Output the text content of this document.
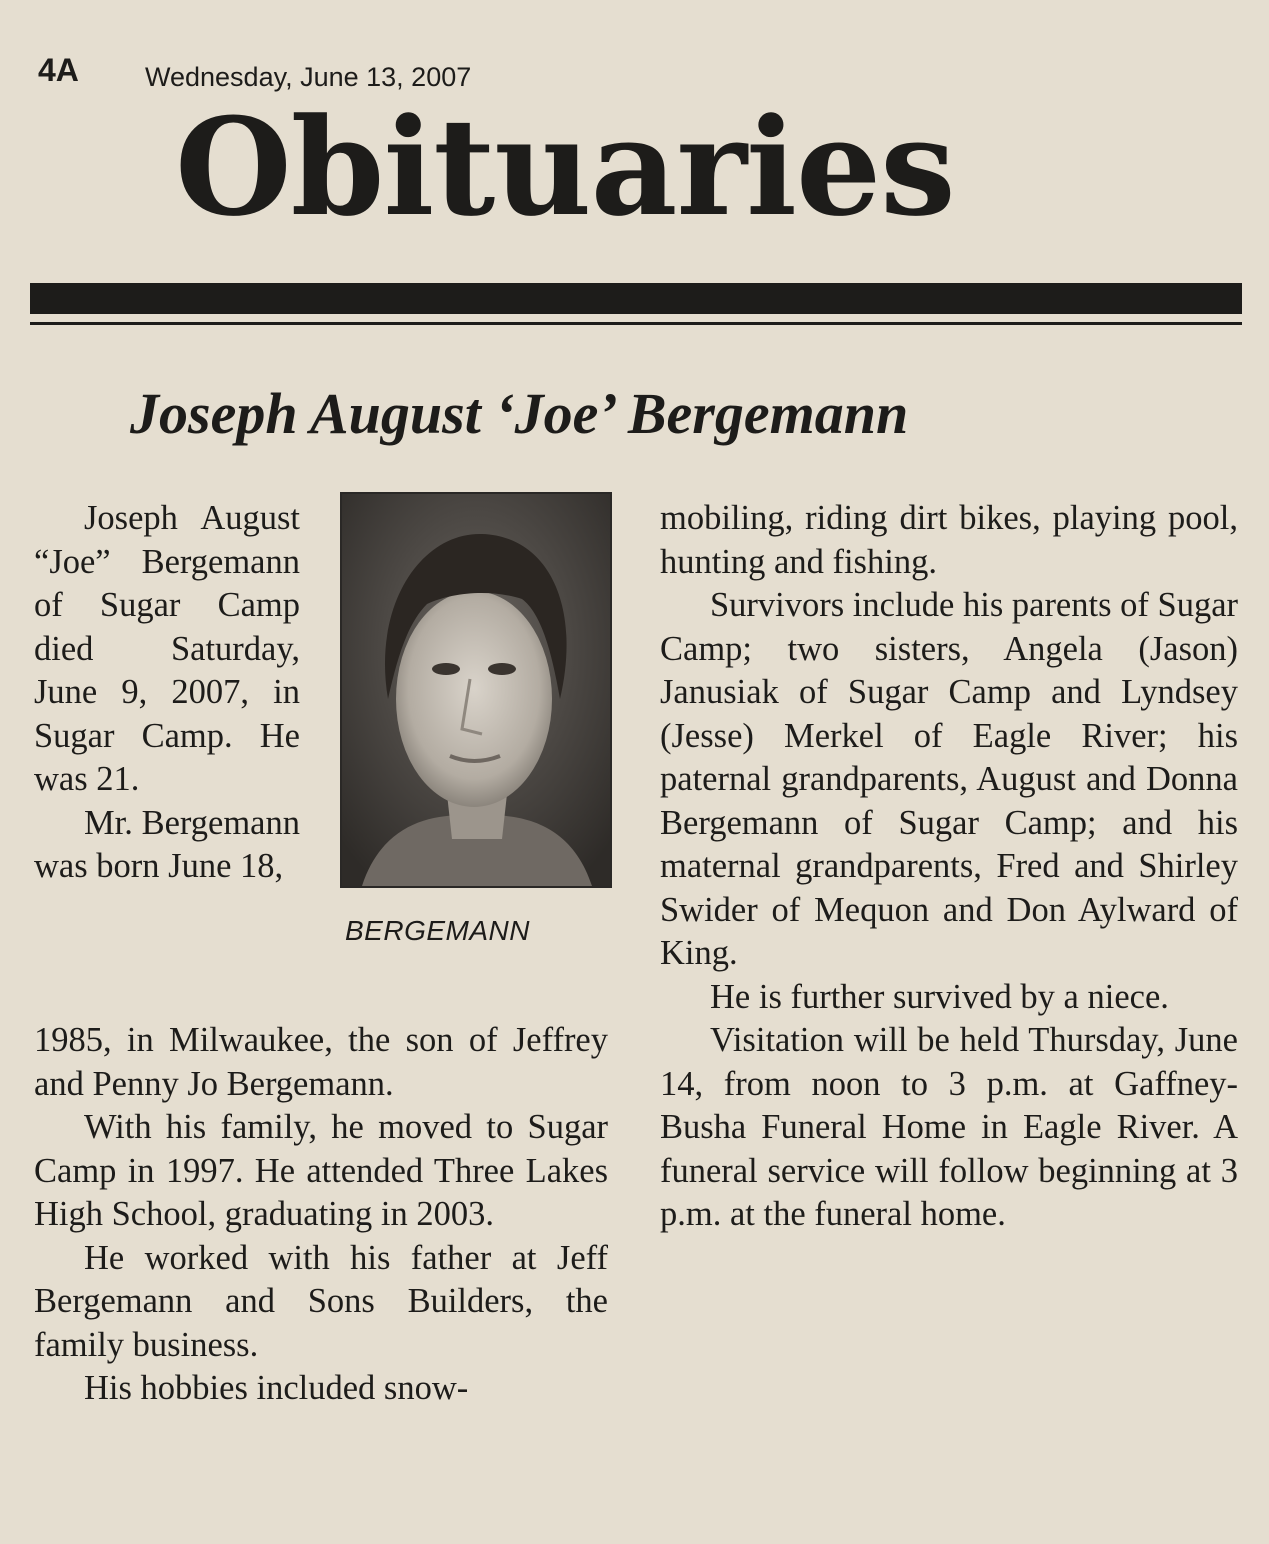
4A Wednesday, June 13, 2007
Obituaries
Joseph August ‘Joe’ Bergemann

Joseph August “Joe” Bergemann of Sugar Camp died Saturday, June 9, 2007, in Sugar Camp. He was 21.

Mr. Bergemann was born June 18,

BERGEMANN

1985, in Milwaukee, the son of Jeffrey and Penny Jo Bergemann.

With his family, he moved to Sugar Camp in 1997. He attended Three Lakes High School, graduating in 2003.

He worked with his father at Jeff Bergemann and Sons Builders, the family business.

His hobbies included snow-

mobiling, riding dirt bikes, playing pool, hunting and fishing.

Survivors include his parents of Sugar Camp; two sisters, Angela (Jason) Janusiak of Sugar Camp and Lyndsey (Jesse) Merkel of Eagle River; his paternal grandparents, August and Donna Bergemann of Sugar Camp; and his maternal grandparents, Fred and Shirley Swider of Mequon and Don Aylward of King.

He is further survived by a niece.

Visitation will be held Thursday, June 14, from noon to 3 p.m. at Gaffney-Busha Funeral Home in Eagle River. A funeral service will follow beginning at 3 p.m. at the funeral home.
